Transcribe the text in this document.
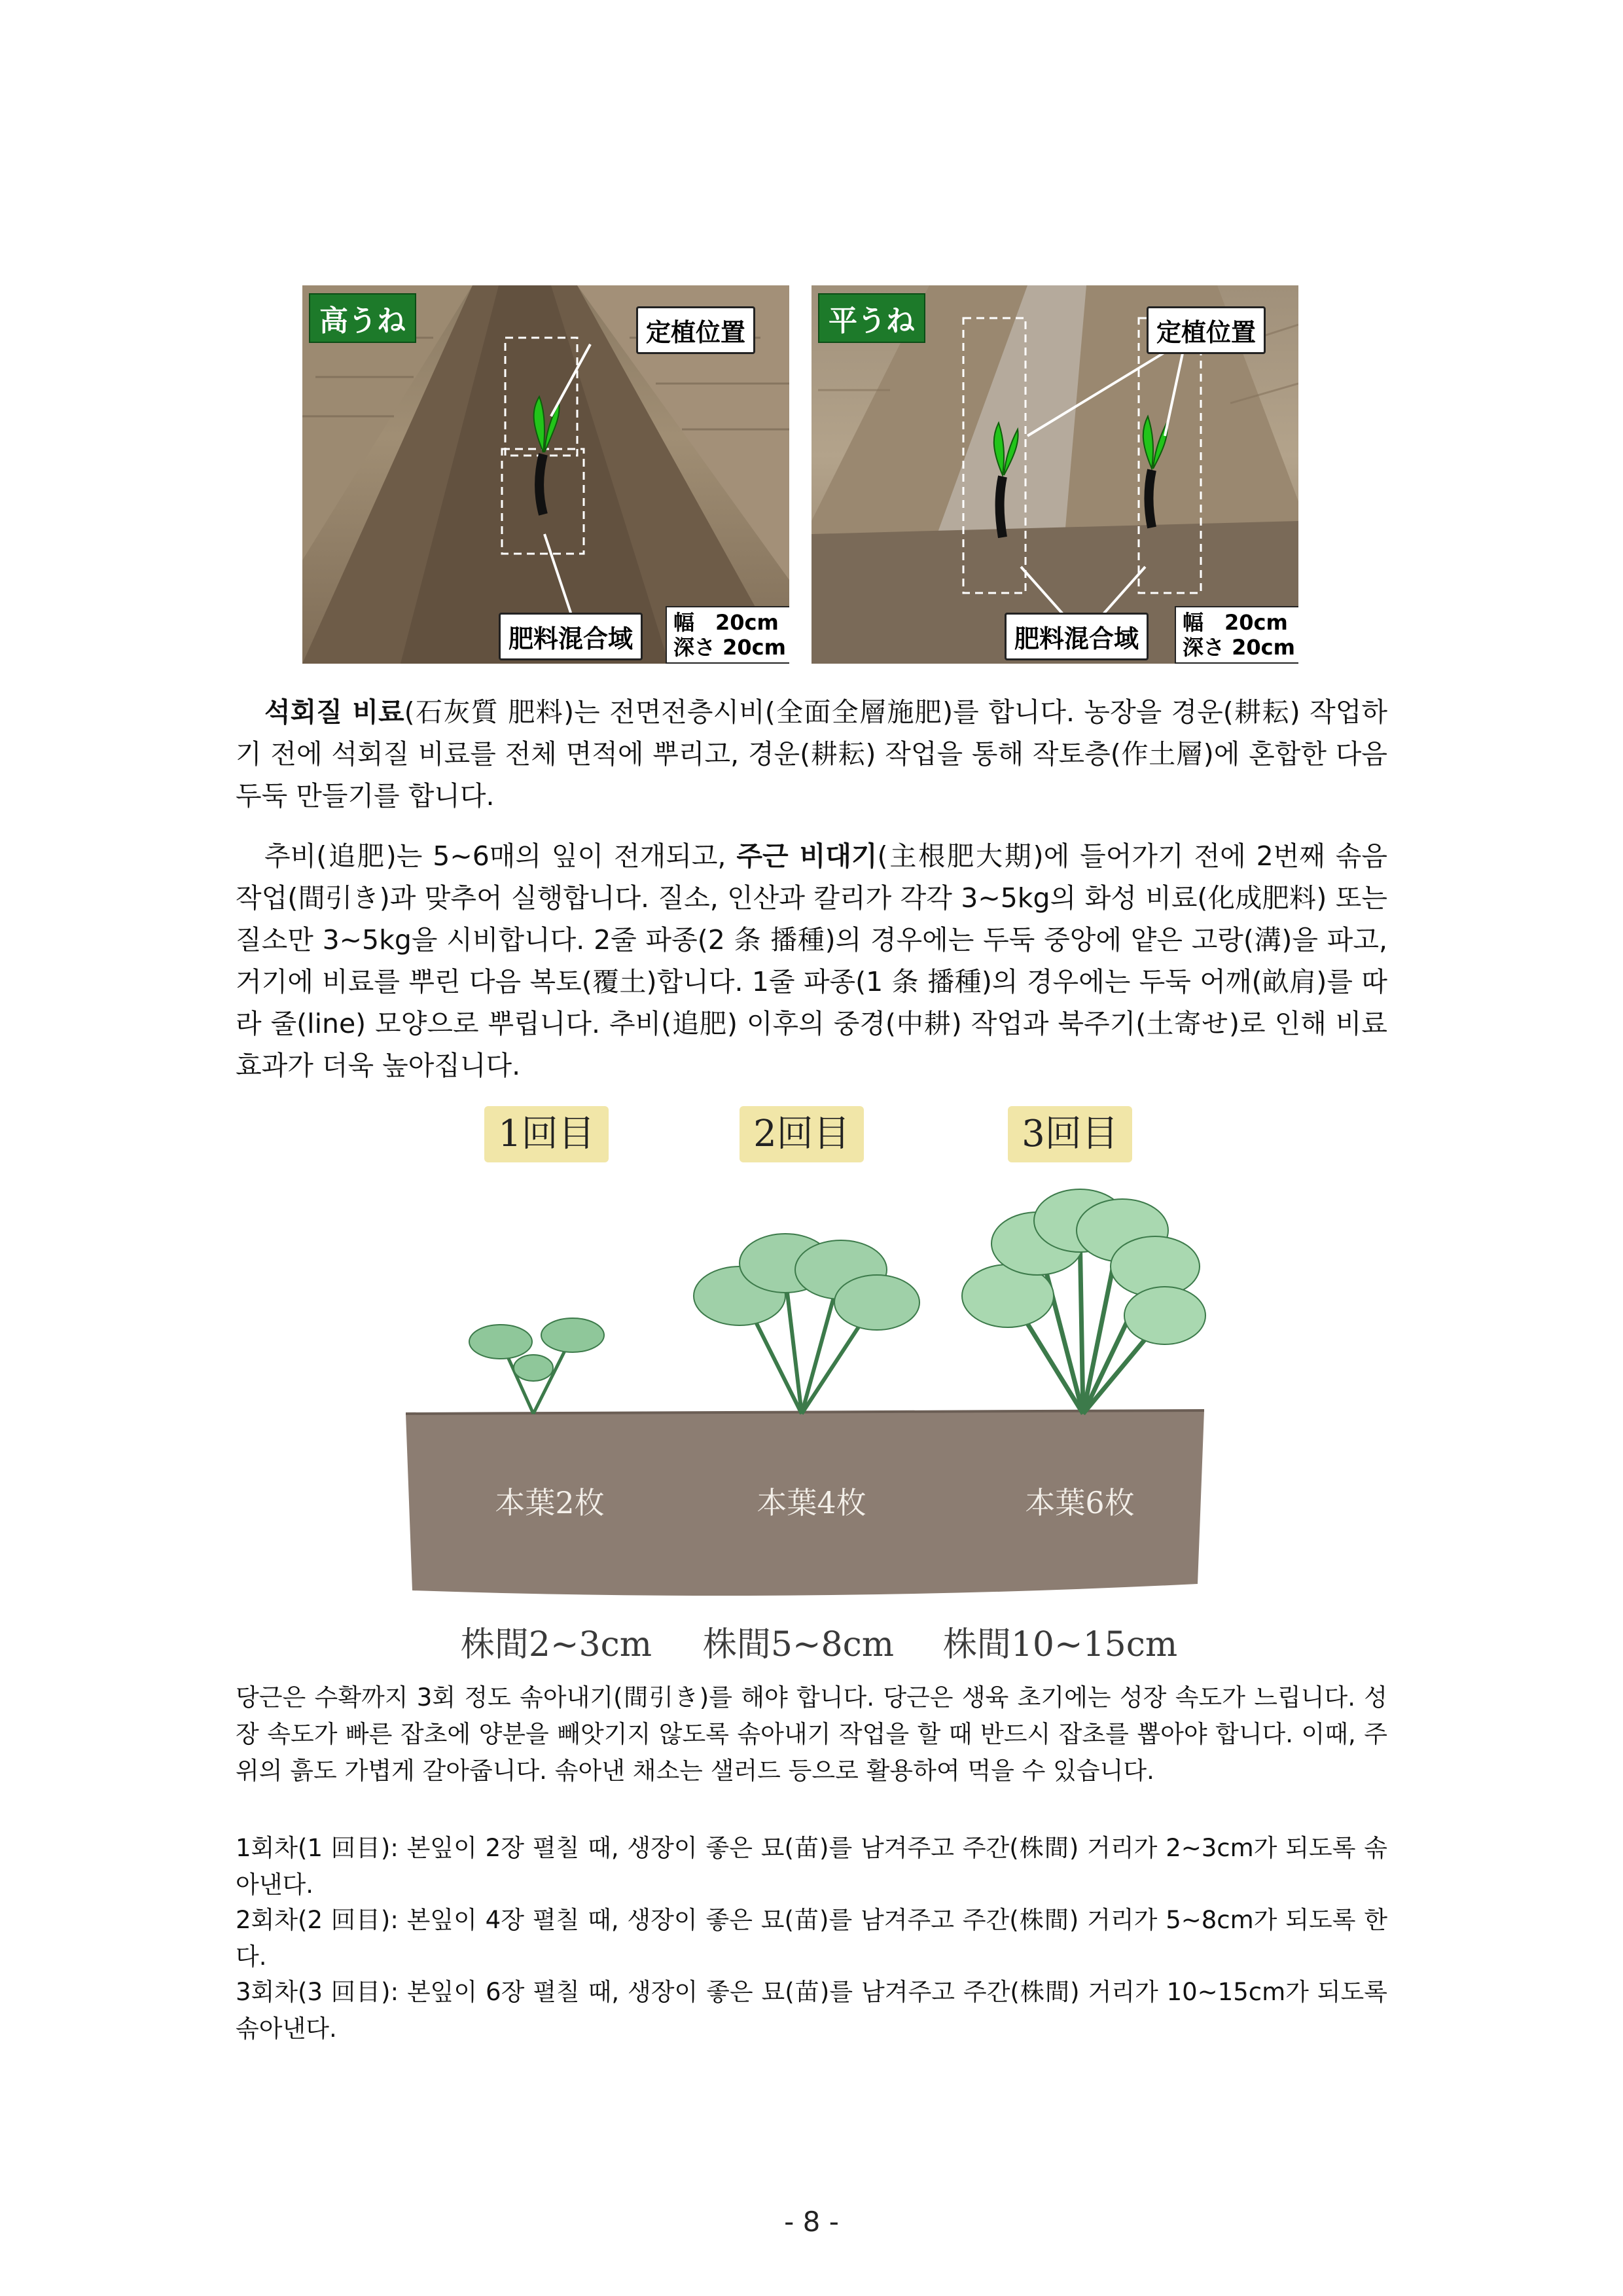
高うね	定植位置
肥料混合域
幅　20cm
深さ 20cm
平うね	定植位置
肥料混合域
幅　20cm
深さ 20cm
석회질 비료(石灰質 肥料)는 전면전층시비(全面全層施肥)를 합니다. 농장을 경운(耕耘) 작업하기 전에 석회질 비료를 전체 면적에 뿌리고, 경운(耕耘) 작업을 통해 작토층(作土層)에 혼합한 다음 두둑 만들기를 합니다.
추비(追肥)는 5~6매의 잎이 전개되고, 주근 비대기(主根肥大期)에 들어가기 전에 2번째 솎음 작업(間引き)과 맞추어 실행합니다. 질소, 인산과 칼리가 각각 3~5kg의 화성 비료(化成肥料) 또는 질소만 3~5kg을 시비합니다. 2줄 파종(2 条 播種)의 경우에는 두둑 중앙에 얕은 고랑(溝)을 파고, 거기에 비료를 뿌린 다음 복토(覆土)합니다. 1줄 파종(1 条 播種)의 경우에는 두둑 어깨(畝肩)를 따라 줄(line) 모양으로 뿌립니다. 추비(追肥) 이후의 중경(中耕) 작업과 북주기(土寄せ)로 인해 비료 효과가 더욱 높아집니다.
1回目	2回目	3回目
本葉2枚	本葉4枚	本葉6枚
株間2~3cm	株間5~8cm	株間10~15cm
당근은 수확까지 3회 정도 솎아내기(間引き)를 해야 합니다. 당근은 생육 초기에는 성장 속도가 느립니다. 성장 속도가 빠른 잡초에 양분을 빼앗기지 않도록 솎아내기 작업을 할 때 반드시 잡초를 뽑아야 합니다. 이때, 주위의 흙도 가볍게 갈아줍니다. 솎아낸 채소는 샐러드 등으로 활용하여 먹을 수 있습니다.
1회차(1 回目): 본잎이 2장 펼칠 때, 생장이 좋은 묘(苗)를 남겨주고 주간(株間) 거리가 2~3cm가 되도록 솎아낸다.
2회차(2 回目): 본잎이 4장 펼칠 때, 생장이 좋은 묘(苗)를 남겨주고 주간(株間) 거리가 5~8cm가 되도록 한다.
3회차(3 回目): 본잎이 6장 펼칠 때, 생장이 좋은 묘(苗)를 남겨주고 주간(株間) 거리가 10~15cm가 되도록 솎아낸다.
- 8 -
